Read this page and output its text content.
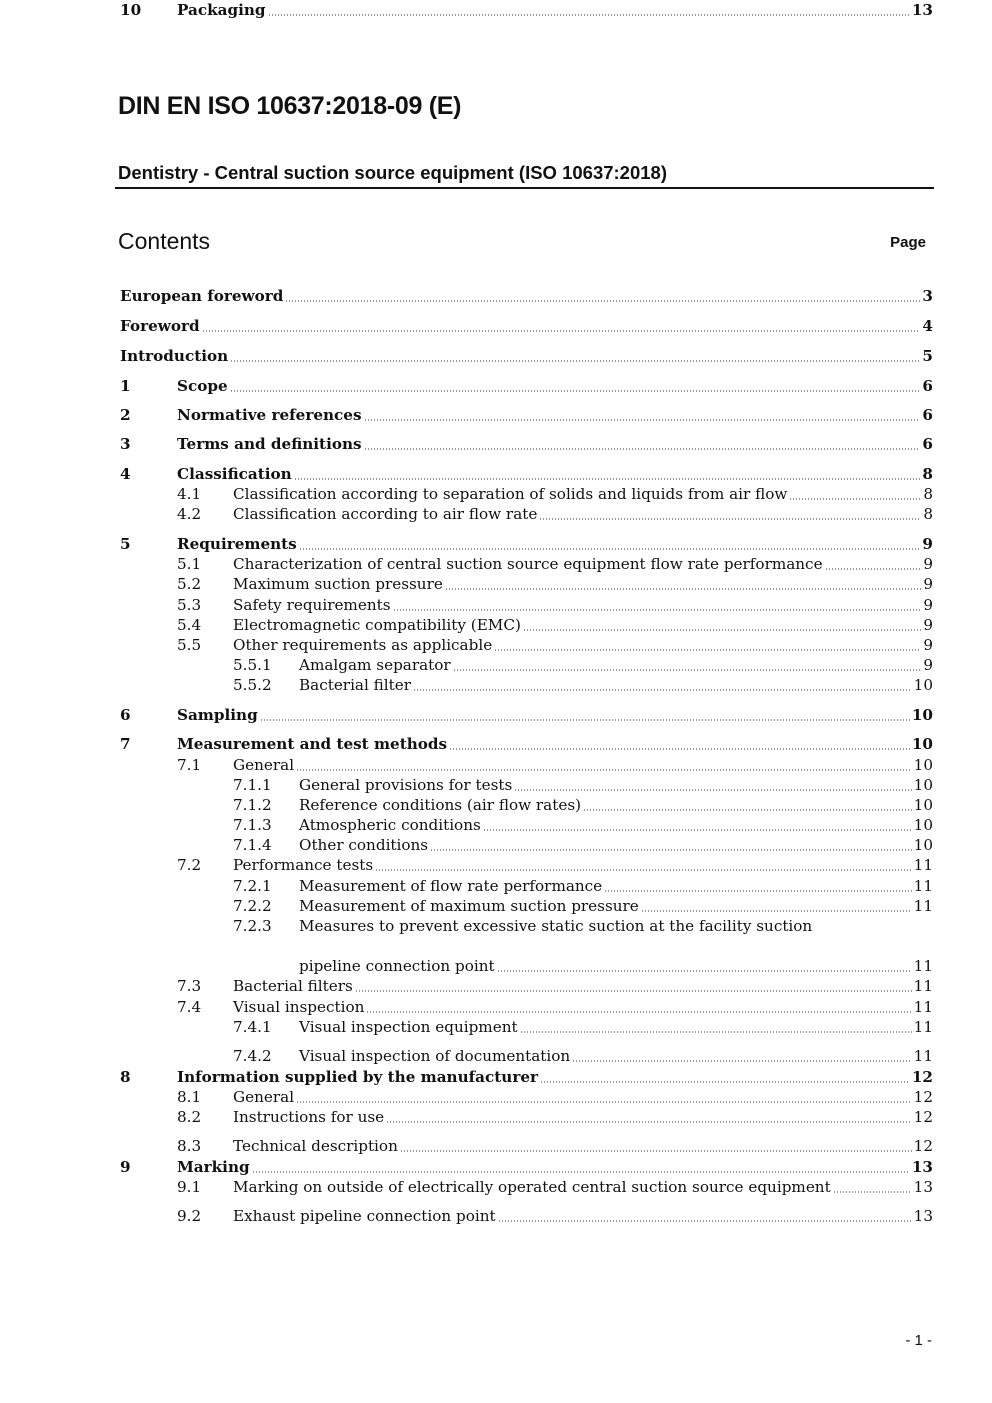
DIN EN ISO 10637:2018-09 (E)
Dentistry - Central suction source equipment (ISO 10637:2018)
Contents	Page
European foreword	3
Foreword	4
Introduction	5
1	Scope	6
2	Normative references	6
3	Terms and definitions	6
4	Classification	8
4.1 Classification according to separation of solids and liquids from air flow	8
4.2 Classification according to air flow rate	8
5	Requirements	9
5.1 Characterization of central suction source equipment flow rate performance	9
5.2 Maximum suction pressure	9
5.3 Safety requirements	9
5.4 Electromagnetic compatibility (EMC)	9
5.5 Other requirements as applicable	9
5.5.1 Amalgam separator	9
5.5.2 Bacterial filter	10
6	Sampling	10
7	Measurement and test methods	10
7.1 General	10
7.1.1 General provisions for tests	10
7.1.2 Reference conditions (air flow rates)	10
7.1.3 Atmospheric conditions	10
7.1.4 Other conditions	10
7.2 Performance tests	11
7.2.1 Measurement of flow rate performance	11
7.2.2 Measurement of maximum suction pressure	11
7.2.3 Measures to prevent excessive static suction at the facility suction
pipeline connection point	11
7.3 Bacterial filters	11
7.4 Visual inspection	11
7.4.1 Visual inspection equipment	11
7.4.2 Visual inspection of documentation	11
8	Information supplied by the manufacturer	12
8.1 General	12
8.2 Instructions for use	12
8.3 Technical description	12
9	Marking	13
9.1 Marking on outside of electrically operated central suction source equipment	13
9.2 Exhaust pipeline connection point	13
10 Packaging	13
- 1 -
